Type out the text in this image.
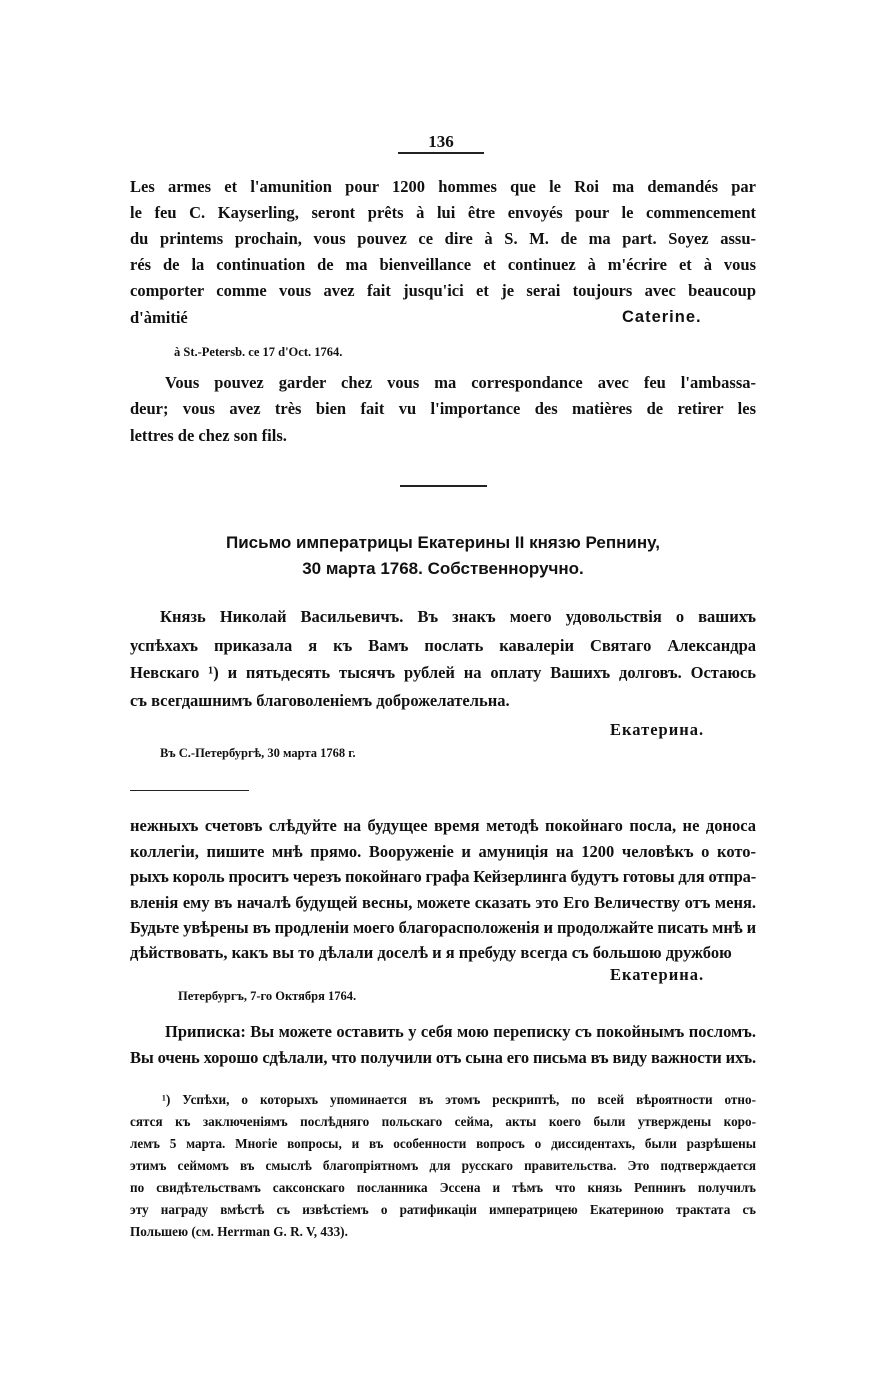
136
Les armes et l'amunition pour 1200 hommes que le Roi ma demandés par
le feu C. Kayserling, seront prêts à lui être envoyés pour le commencement
du printems prochain, vous pouvez ce dire à S. M. de ma part. Soyez assu-
rés de la continuation de ma bienveillance et continuez à m'écrire et à vous
comporter comme vous avez fait jusqu'ici et je serai toujours avec beaucoup
d'àmitié	Caterine.
à St.-Petersb. ce 17 d'Oct. 1764.
Vous pouvez garder chez vous ma correspondance avec feu l'ambassa-
deur; vous avez très bien fait vu l'importance des matières de retirer les
lettres de chez son fils.
Письмо императрицы Екатерины II князю Репнину,
30 марта 1768. Собственноручно.
Князь Николай Васильевичъ. Въ знакъ моего удовольствія о вашихъ
успѣхахъ приказала я къ Вамъ послать кавалеріи Святаго Александра
Невскаго ¹) и пятьдесять тысячъ рублей на оплату Вашихъ долговъ. Остаюсь
съ всегдашнимъ благоволеніемъ доброжелательна.
Екатерина.
Въ С.-Петербургѣ, 30 марта 1768 г.
нежныхъ счетовъ слѣдуйте на будущее время методѣ покойнаго посла, не доноса
коллегіи, пишите мнѣ прямо. Вооруженіе и амуниція на 1200 человѣкъ о кото-
рыхъ король проситъ черезъ покойнаго графа Кейзерлинга будутъ готовы для отпра-
вленія ему въ началѣ будущей весны, можете сказать это Его Величеству отъ меня.
Будьте увѣрены въ продленіи моего благорасположенія и продолжайте писать мнѣ и
дѣйствовать, какъ вы то дѣлали доселѣ и я пребуду всегда съ большою дружбою
Екатерина.
Петербургъ, 7-го Октября 1764.
Приписка: Вы можете оставить у себя мою переписку съ покойнымъ посломъ.
Вы очень хорошо сдѣлали, что получили отъ сына его письма въ виду важности ихъ.
¹) Успѣхи, о которыхъ упоминается въ этомъ рескриптѣ, по всей вѣроятности отно-
сятся къ заключеніямъ послѣдняго польскаго сейма, акты коего были утверждены коро-
лемъ 5 марта. Многіе вопросы, и въ особенности вопросъ о диссидентахъ, были разрѣшены
этимъ сеймомъ въ смыслѣ благопріятномъ для русскаго правительства. Это подтверждается
по свидѣтельствамъ саксонскаго посланника Эссена и тѣмъ что князь Репнинъ получилъ
эту награду вмѣстѣ съ извѣстіемъ о ратификаціи императрицею Екатериною трактата съ
Польшею (см. Herrman G. R. V, 433).
